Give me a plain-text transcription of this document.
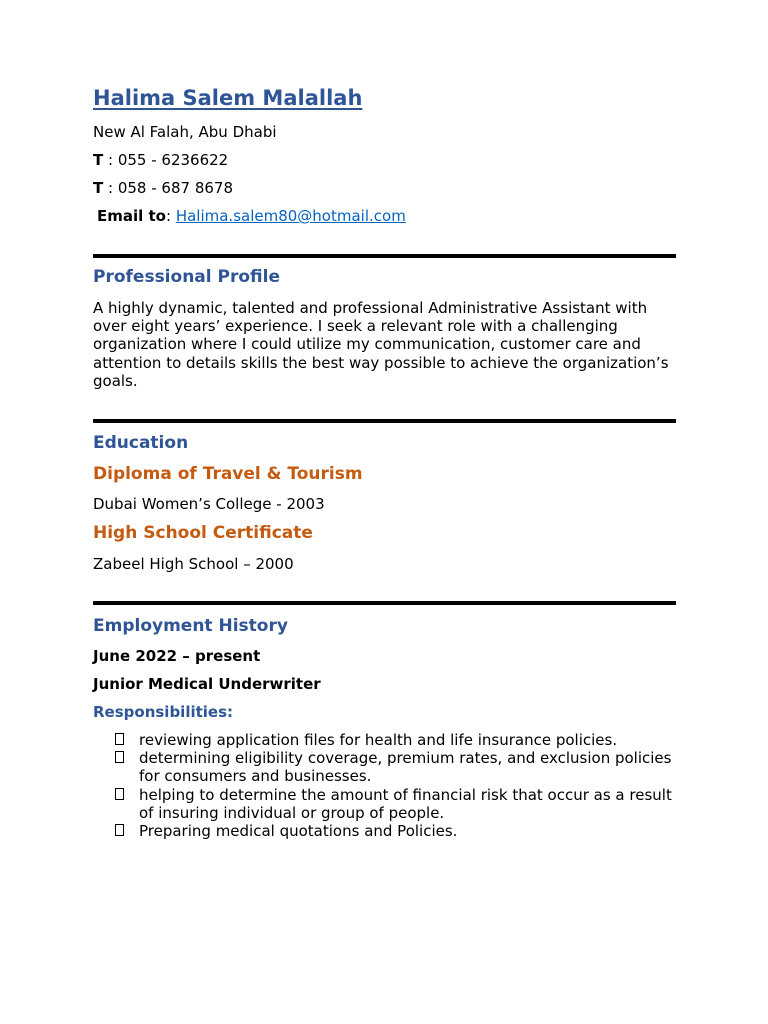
Halima Salem Malallah
New Al Falah, Abu Dhabi
T : 055 - 6236622
T : 058 - 687 8678
Email to: Halima.salem80@hotmail.com
Professional Profile
A highly dynamic, talented and professional Administrative Assistant with over eight years’ experience. I seek a relevant role with a challenging organization where I could utilize my communication, customer care and attention to details skills the best way possible to achieve the organization’s goals.
Education
Diploma of Travel & Tourism
Dubai Women’s College - 2003
High School Certificate
Zabeel High School – 2000
Employment History
June 2022 – present
Junior Medical Underwriter
Responsibilities:
reviewing application files for health and life insurance policies.
determining eligibility coverage, premium rates, and exclusion policies for consumers and businesses.
helping to determine the amount of financial risk that occur as a result of insuring individual or group of people.
Preparing medical quotations and Policies.
